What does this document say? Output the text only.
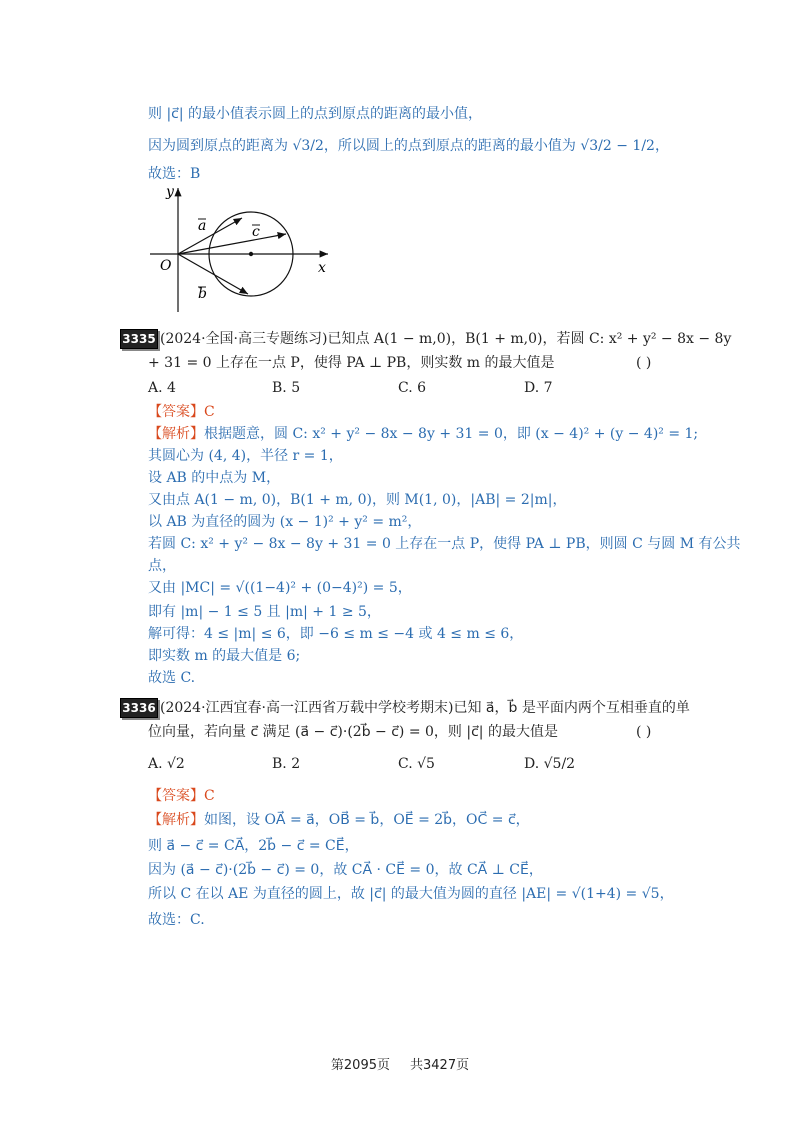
则 |c⃗| 的最小值表示圆上的点到原点的距离的最小值，
因为圆到原点的距离为 √3/2，所以圆上的点到原点的距离的最小值为 √3/2 − 1/2，
故选：B
y
x
O
a	c
b
3335 (2024·全国·高三专题练习)已知点 A(1 − m,0)，B(1 + m,0)，若圆 C: x² + y² − 8x − 8y
+ 31 = 0 上存在一点 P，使得 PA ⊥ PB，则实数 m 的最大值是	( )
A. 4	B. 5	C. 6	D. 7
【答案】C
【解析】根据题意，圆 C: x² + y² − 8x − 8y + 31 = 0，即 (x − 4)² + (y − 4)² = 1;
其圆心为 (4, 4)，半径 r = 1，
设 AB 的中点为 M，
又由点 A(1 − m, 0)，B(1 + m, 0)，则 M(1, 0)，|AB| = 2|m|，
以 AB 为直径的圆为 (x − 1)² + y² = m²，
若圆 C: x² + y² − 8x − 8y + 31 = 0 上存在一点 P，使得 PA ⊥ PB，则圆 C 与圆 M 有公共
点，
又由 |MC| = √((1−4)² + (0−4)²) = 5，
即有 |m| − 1 ≤ 5 且 |m| + 1 ≥ 5，
解可得：4 ≤ |m| ≤ 6，即 −6 ≤ m ≤ −4 或 4 ≤ m ≤ 6，
即实数 m 的最大值是 6;
故选 C.
3336 (2024·江西宜春·高一江西省万载中学校考期末)已知 a⃗，b⃗ 是平面内两个互相垂直的单
位向量，若向量 c⃗ 满足 (a⃗ − c⃗)·(2b⃗ − c⃗) = 0，则 |c⃗| 的最大值是	( )
A. √2	B. 2	C. √5	D. √5/2
【答案】C
【解析】如图，设 OA⃗ = a⃗，OB⃗ = b⃗，OE⃗ = 2b⃗，OC⃗ = c⃗，
则 a⃗ − c⃗ = CA⃗，2b⃗ − c⃗ = CE⃗，
因为 (a⃗ − c⃗)·(2b⃗ − c⃗) = 0，故 CA⃗ · CE⃗ = 0，故 CA⃗ ⊥ CE⃗，
所以 C 在以 AE 为直径的圆上，故 |c⃗| 的最大值为圆的直径 |AE| = √(1+4) = √5，
故选：C.
第2095页 共3427页
